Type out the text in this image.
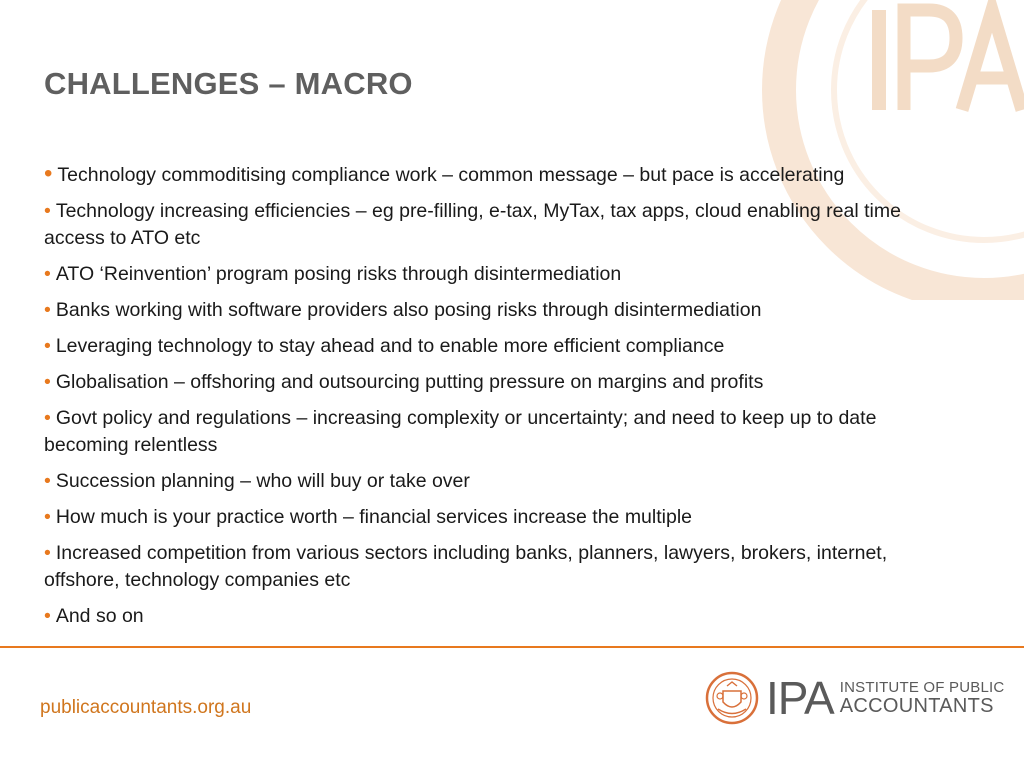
CHALLENGES – MACRO
• Technology commoditising compliance work – common message – but pace is accelerating
• Technology increasing efficiencies – eg pre-filling, e-tax, MyTax, tax apps, cloud enabling real time access to ATO etc
• ATO ‘Reinvention’ program posing risks through disintermediation
• Banks working with software providers also posing risks through disintermediation
• Leveraging technology to stay ahead and to enable more efficient compliance
• Globalisation – offshoring and outsourcing putting pressure on margins and profits
• Govt policy and regulations – increasing complexity or uncertainty; and need to keep up to date becoming relentless
• Succession planning – who will buy or take over
• How much is your practice worth – financial services increase the multiple
• Increased competition from various sectors including banks, planners, lawyers, brokers, internet, offshore, technology companies etc
• And so on
publicaccountants.org.au	IPA INSTITUTE OF PUBLIC
ACCOUNTANTS
